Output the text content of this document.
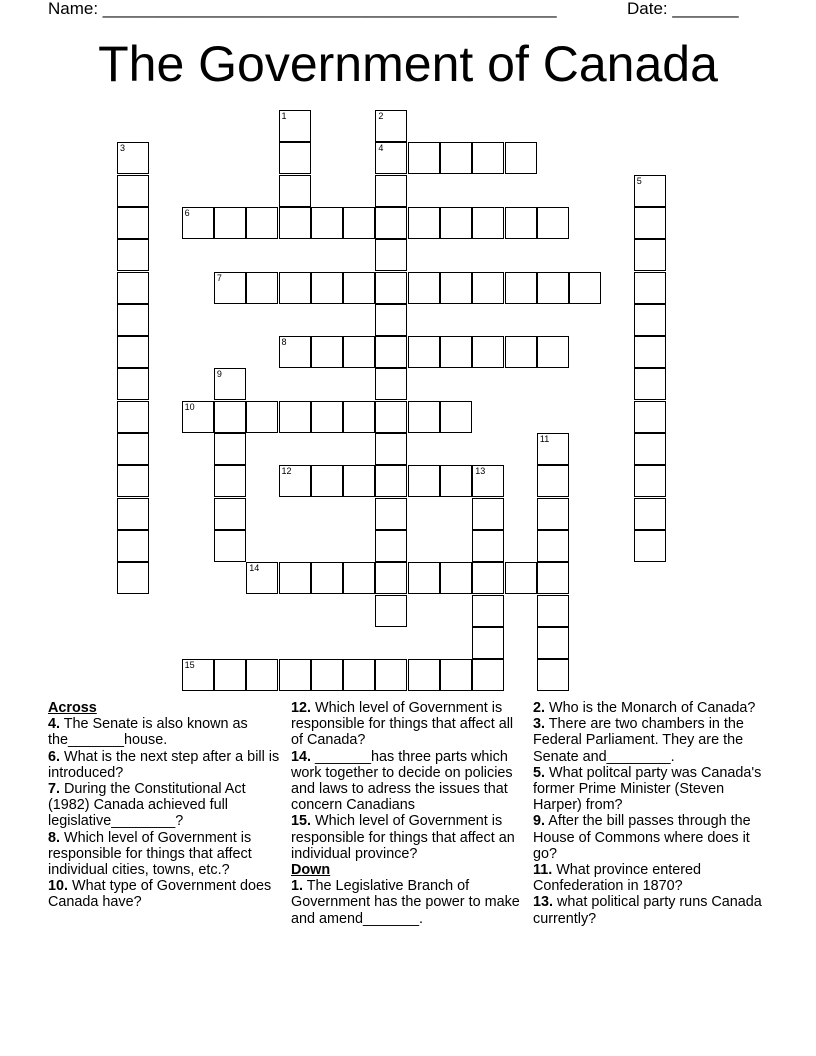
Name: ________________________________________________	Date: _______
The Government of Canada
1	2
4
3
5
6
7
8
9
10
11
12	13
14
15
Across

4. The Senate is also known as the_______house.

6. What is the next step after a bill is introduced?

7. During the Constitutional Act (1982) Canada achieved full legislative________?

8. Which level of Government is responsible for things that affect individual cities, towns, etc.?

10. What type of Government does Canada have?

12. Which level of Government is responsible for things that affect all of Canada?

14. _______has three parts which work together to decide on policies and laws to adress the issues that concern Canadians

15. Which level of Government is responsible for things that affect an individual province?

Down

1. The Legislative Branch of Government has the power to make and amend_______.

2. Who is the Monarch of Canada?

3. There are two chambers in the Federal Parliament. They are the Senate and________.

5. What politcal party was Canada's former Prime Minister (Steven Harper) from?

9. After the bill passes through the House of Commons where does it go?

11. What province entered Confederation in 1870?

13. what political party runs Canada currently?
